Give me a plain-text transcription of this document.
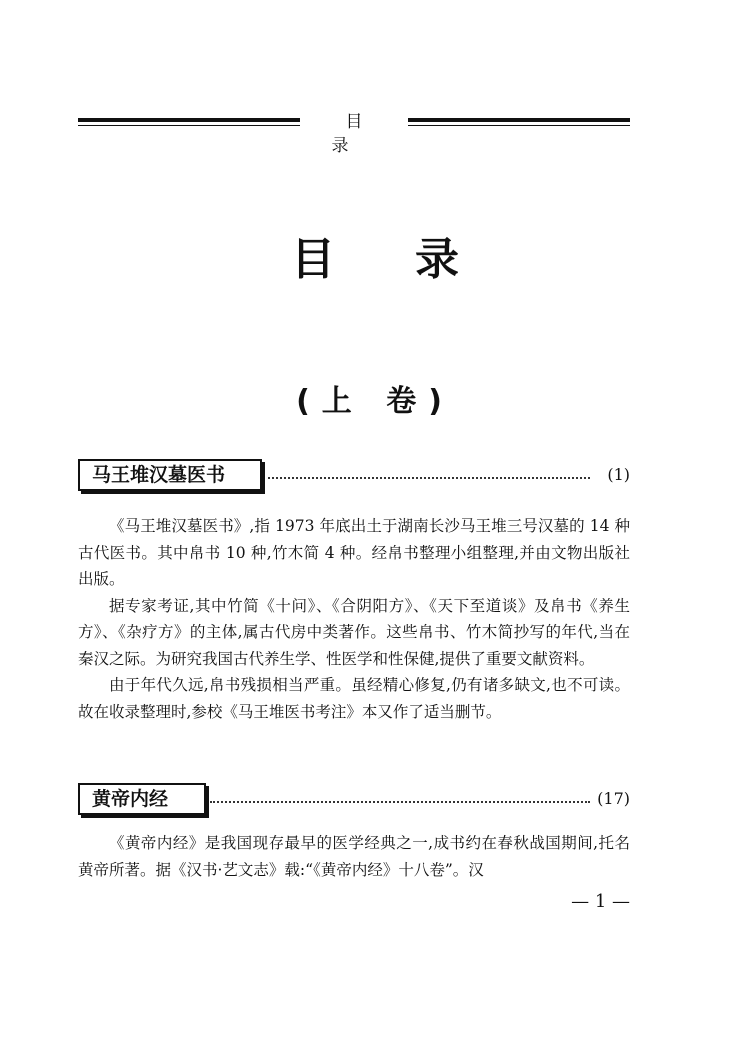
目 录
目录
(上 卷)
马王堆汉墓医书	(1)

《马王堆汉墓医书》,指 1973 年底出土于湖南长沙马王堆三号汉墓的 14 种古代医书。其中帛书 10 种,竹木简 4 种。经帛书整理小组整理,并由文物出版社出版。

据专家考证,其中竹简《十问》、《合阴阳方》、《天下至道谈》及帛书《养生方》、《杂疗方》的主体,属古代房中类著作。这些帛书、竹木简抄写的年代,当在秦汉之际。为研究我国古代养生学、性医学和性保健,提供了重要文献资料。

由于年代久远,帛书残损相当严重。虽经精心修复,仍有诸多缺文,也不可读。故在收录整理时,参校《马王堆医书考注》本又作了适当删节。

黄帝内经	(17)

《黄帝内经》是我国现存最早的医学经典之一,成书约在春秋战国期间,托名黄帝所著。据《汉书·艺文志》载:“《黄帝内经》十八卷”。汉

— 1 —
